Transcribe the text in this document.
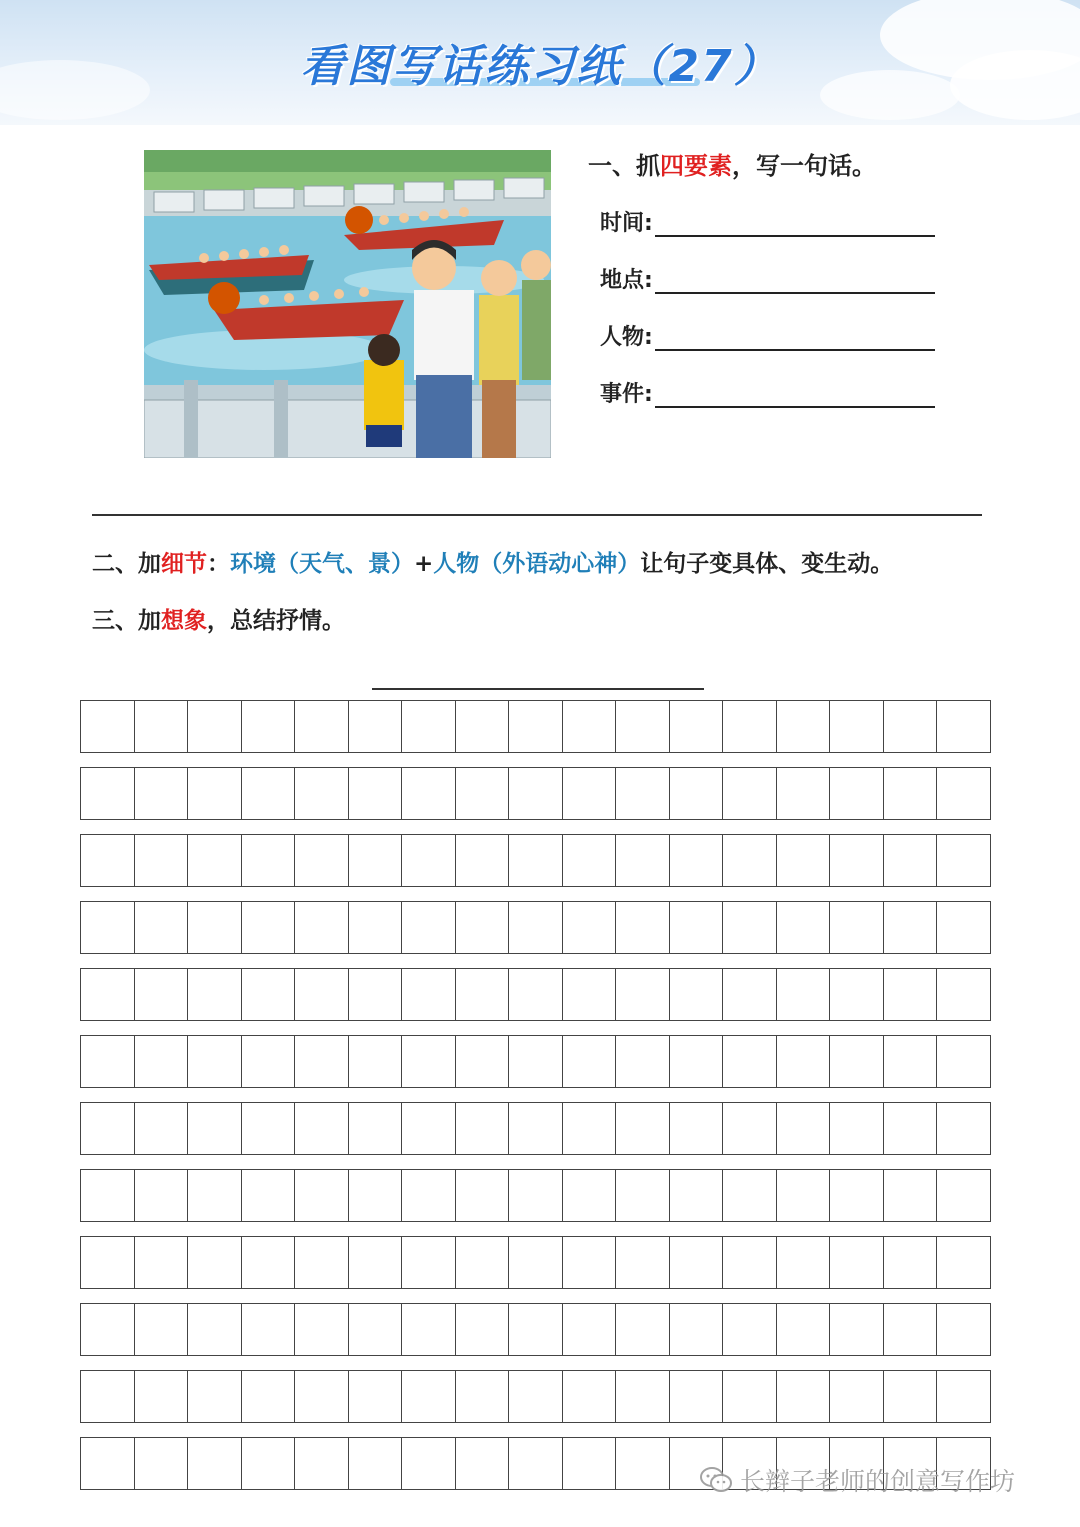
看图写话练习纸（27）
一、抓四要素，写一句话。
时间:
地点:
人物:
事件:
二、加细节：环境（天气、景）+人物（外语动心神）让句子变具体、变生动。
三、加想象，总结抒情。
长辫子老师的创意写作坊
